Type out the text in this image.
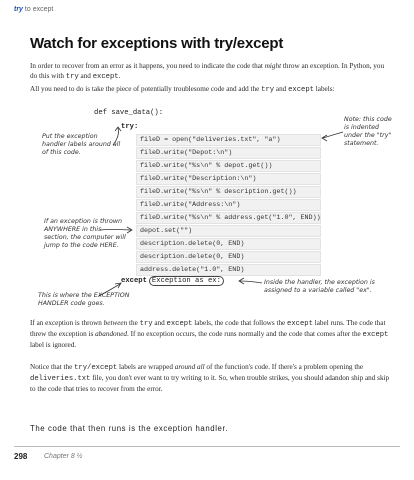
try to except
Watch for exceptions with try/except

In order to recover from an error as it happens, you need to indicate the code that might throw an exception. In Python, you do this with try and except.

All you need to do is take the piece of potentially troublesome code and add the try and except labels:

def save_data():
try:
fileD = open("deliveries.txt", "a")
fileD.write("Depot:\n")
fileD.write("%s\n" % depot.get())
fileD.write("Description:\n")
fileD.write("%s\n" % description.get())
fileD.write("Address:\n")
fileD.write("%s\n" % address.get("1.0", END))
depot.set("")
description.delete(0, END)
description.delete(0, END)
address.delete("1.0", END)
except Exception as ex:
Note: this code
is indented
under the "try"
statement.
Put the exception
handler labels around all
of this code.
If an exception is thrown
ANYWHERE in this
section, the computer will
jump to the code HERE.
This is where the EXCEPTION
HANDLER code goes.
Inside the handler, the exception is
assigned to a variable called "ex".

If an exception is thrown between the try and except labels, the code that follows the except label runs. The code that threw the exception is abandoned. If no exception occurs, the code runs normally and the code that comes after the except label is ignored.

Notice that the try/except labels are wrapped around all of the function's code. If there's a problem opening the deliveries.txt file, you don't ever want to try writing to it. So, when trouble strikes, you should adandon ship and skip to the code that tries to recover from the error.

The code that then runs is the exception handler.

298 Chapter 8 ½
